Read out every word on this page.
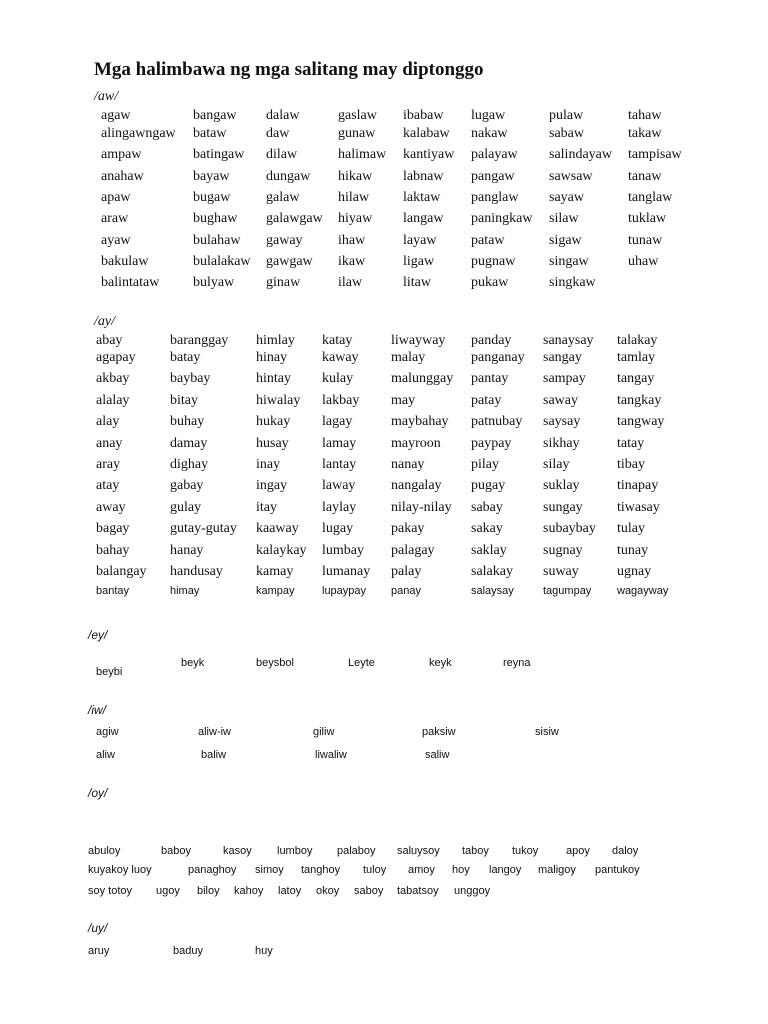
Mga halimbawa ng mga salitang may diptonggo
/aw/
agaw	bangaw dalaw	gaslaw ibabaw lugaw	pulaw	tahaw
alingawngaw bataw	daw	gunaw kalabaw nakaw	sabaw	takaw
ampaw	batingaw dilaw	halimaw kantiyaw palayaw salindayaw tampisaw
anahaw	bayaw	dungaw hikaw labnaw pangaw sawsaw	tanaw
apaw	bugaw	galaw	hilaw laktaw panglaw sayaw	tanglaw
araw	bughaw galawgaw hiyaw langaw paningkaw silaw	tuklaw
ayaw	bulahaw gaway	ihaw	layaw pataw	sigaw	tunaw
bakulaw	bulalakaw gawgaw ikaw	ligaw	pugnaw singaw	uhaw
balintataw bulyaw ginaw	ilaw	litaw	pukaw	singkaw
/ay/
abay	baranggay himlay katay	liwayway panday sanaysay talakay
agapay batay	hinay kaway malay	panganay sangay	tamlay
akbay	baybay	hintay kulay	malunggay pantay sampay tangay
alalay	bitay	hiwalay lakbay may	patay	saway	tangkay
alay	buhay	hukay lagay	maybahay patnubay saysay	tangway
anay	damay	husay lamay mayroon paypay sikhay	tatay
aray	dighay	inay	lantay nanay	pilay	silay	tibay
atay	gabay	ingay laway	nangalay pugay	suklay	tinapay
away	gulay	itay	laylay nilay-nilay sabay	sungay tiwasay
bagay	gutay-gutay kaaway lugay	pakay	sakay	subaybay tulay
bahay	hanay	kalaykay lumbay palagay	saklay	sugnay tunay
balangay handusay kamay lumanay palay	salakay suway	ugnay
bantay	himay	kampay lupaypay panay	salaysay	tagumpay wagayway
/ey/
beybi
beyk	beysbol	Leyte	keyk	reyna
/iw/
agiw	aliw-iw	giliw	paksiw	sisiw
aliw	baliw	liwaliw	saliw
/oy/
abuloy	baboy	kasoy lumboy palaboy saluysoy taboy tukoy	apoy daloy
kuyakoy luoy	panaghoy simoy tanghoy tuloy amoy hoy langoy maligoy pantukoy
soy totoy ugoy biloy kahoy latoy okoy saboy tabatsoy unggoy
/uy/
aruy	baduy	huy
